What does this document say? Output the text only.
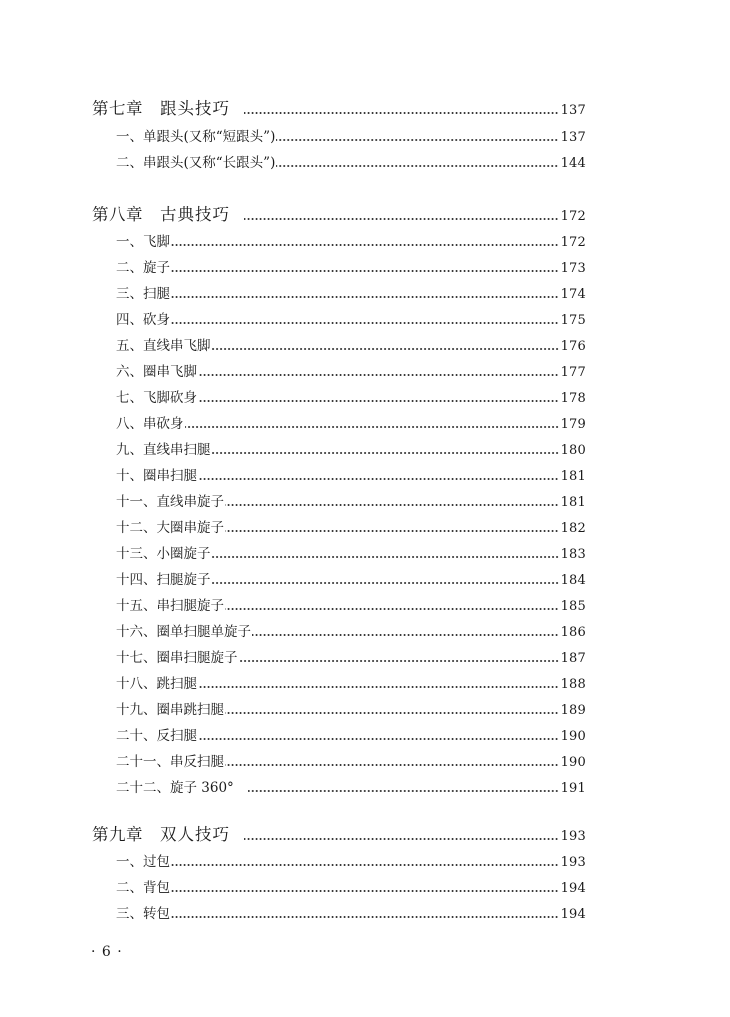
第七章 跟头技巧	137
一、单跟头(又称“短跟头”)	137
二、串跟头(又称“长跟头”)	144
第八章 古典技巧	172
一、飞脚	172
二、旋子	173
三、扫腿	174
四、砍身	175
五、直线串飞脚	176
六、圈串飞脚	177
七、飞脚砍身	178
八、串砍身	179
九、直线串扫腿	180
十、圈串扫腿	181
十一、直线串旋子	181
十二、大圈串旋子	182
十三、小圈旋子	183
十四、扫腿旋子	184
十五、串扫腿旋子	185
十六、圈单扫腿单旋子	186
十七、圈串扫腿旋子	187
十八、跳扫腿	188
十九、圈串跳扫腿	189
二十、反扫腿	190
二十一、串反扫腿	190
二十二、旋子 360°	191
第九章 双人技巧	193
一、过包	193
二、背包	194
三、转包	194
· 6 ·
